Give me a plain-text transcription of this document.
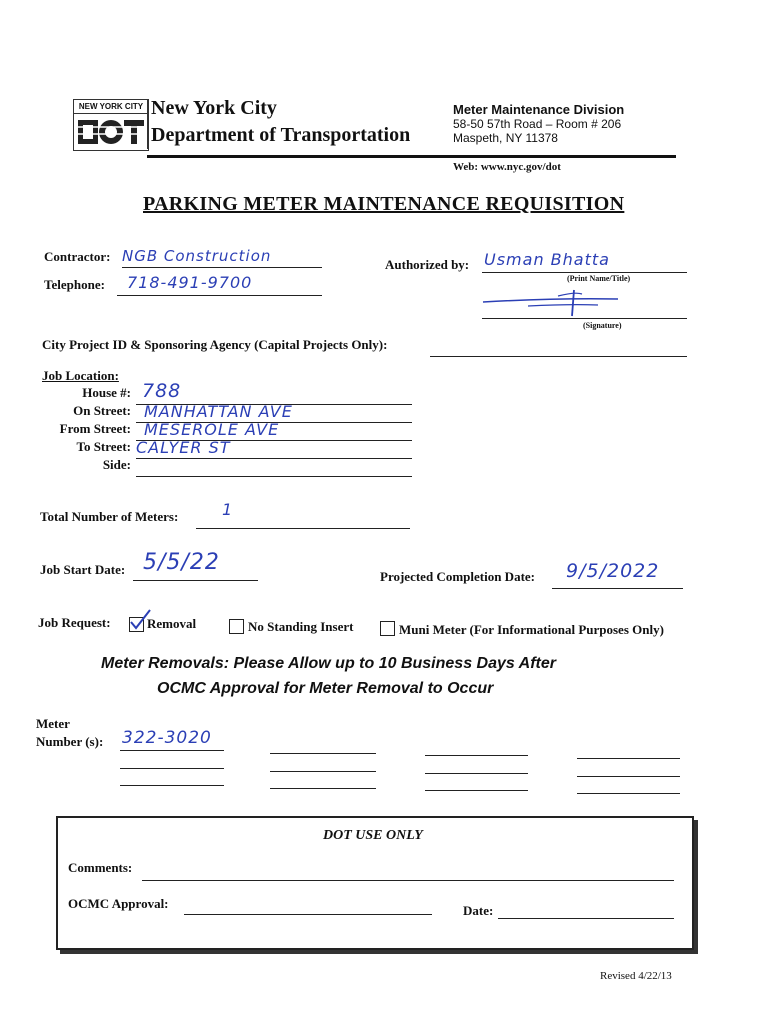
NEW YORK CITY New York City
Department of Transportation
Meter Maintenance Division
58-50 57th Road – Room # 206
Maspeth, NY 11378
Web: www.nyc.gov/dot
PARKING METER MAINTENANCE REQUISITION
Contractor: NGB Construction
Telephone: 718-491-9700
Authorized by: Usman Bhatta
(Print Name/Title)
(Signature)
City Project ID & Sponsoring Agency (Capital Projects Only):
Job Location:
House #: 788
On Street: MANHATTAN AVE
From Street: MESEROLE AVE
To Street: CALYER ST
Side:
Total Number of Meters:	1
Job Start Date: 5/5/22
Projected Completion Date: 9/5/2022
Job Request:	Removal	No Standing Insert	Muni Meter (For Informational Purposes Only)
Meter Removals: Please Allow up to 10 Business Days After
OCMC Approval for Meter Removal to Occur
Meter
Number (s): 322-3020
DOT USE ONLY
Comments:
OCMC Approval:	Date:
Revised 4/22/13
